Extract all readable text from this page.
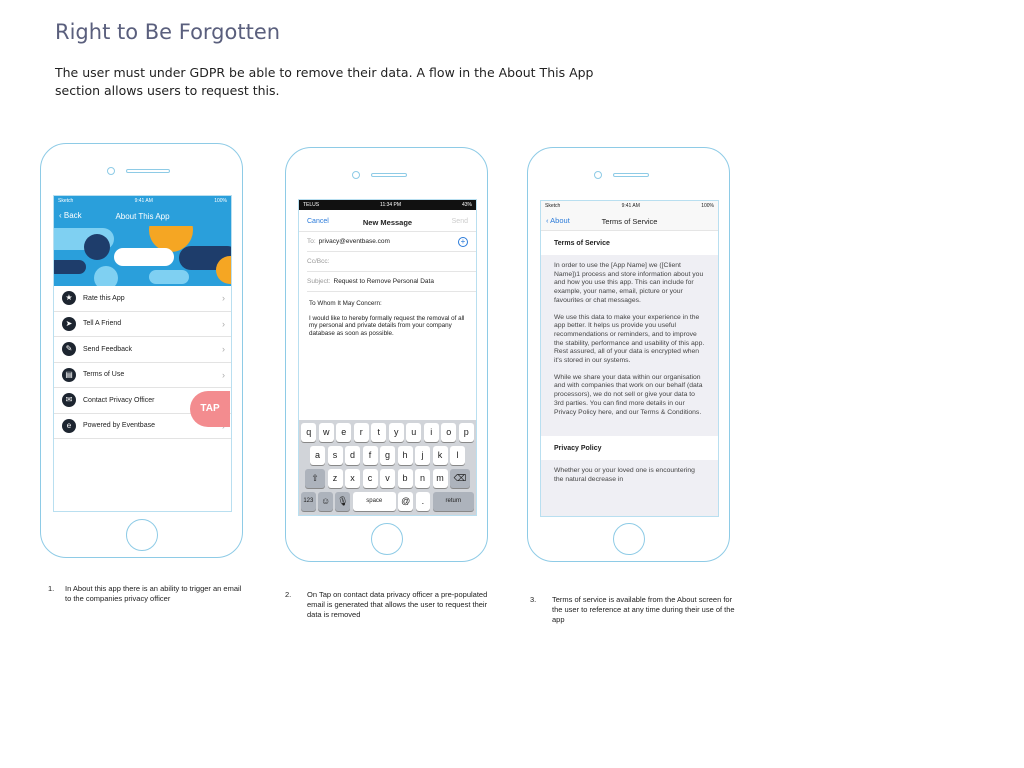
Right to Be Forgotten

The user must under GDPR be able to remove their data. A flow in the About This App section allows users to request this.

Sketch	9:41 AM	100%
‹ Back	About This App
★	Rate this App	›
➤	Tell A Friend	›
✎	Send Feedback	›
▤	Terms of Use	›
✉	Contact Privacy Officer
e	Powered by Eventbase
TAP
TELUS	11:34 PM	43%
Cancel	New Message	Send
To: privacy@eventbase.com	+
Cc/Bcc:
Subject: Request to Remove Personal Data

To Whom It May Concern:

I would like to hereby formally request the removal of all my personal and private details from your company database as soon as possible.

q	w	e	r	t	y	u	i	o	p
a	s	d	f	g	h	j	k	l
⇧	z	x	c	v	b	n	m	⌫
123 ☺ 🎙	space	@	.	return
Sketch	9:41 AM	100%
‹ About	Terms of Service
Terms of Service

In order to use the [App Name] we ([Client Name])1 process and store information about you and how you use this app. This can include for example, your name, email, picture or your favourites or chat messages.

We use this data to make your experience in the app better. It helps us provide you useful recommendations or reminders, and to improve the stability, performance and usability of this app. Rest assured, all of your data is encrypted when it's stored in our systems.

While we share your data within our organisation and with companies that work on our behalf (data processors), we do not sell or give your data to 3rd parties. You can find more details in our Privacy Policy here, and our Terms & Conditions.

Privacy Policy

Whether you or your loved one is encountering the natural decrease in

1.	In About this app there is an ability to trigger an email to the companies privacy officer	2.	On Tap on contact data privacy officer a pre-populated email is generated that allows the user to request their data is removed
3.	Terms of service is available from the About screen for the user to reference at any time during their use of the app
